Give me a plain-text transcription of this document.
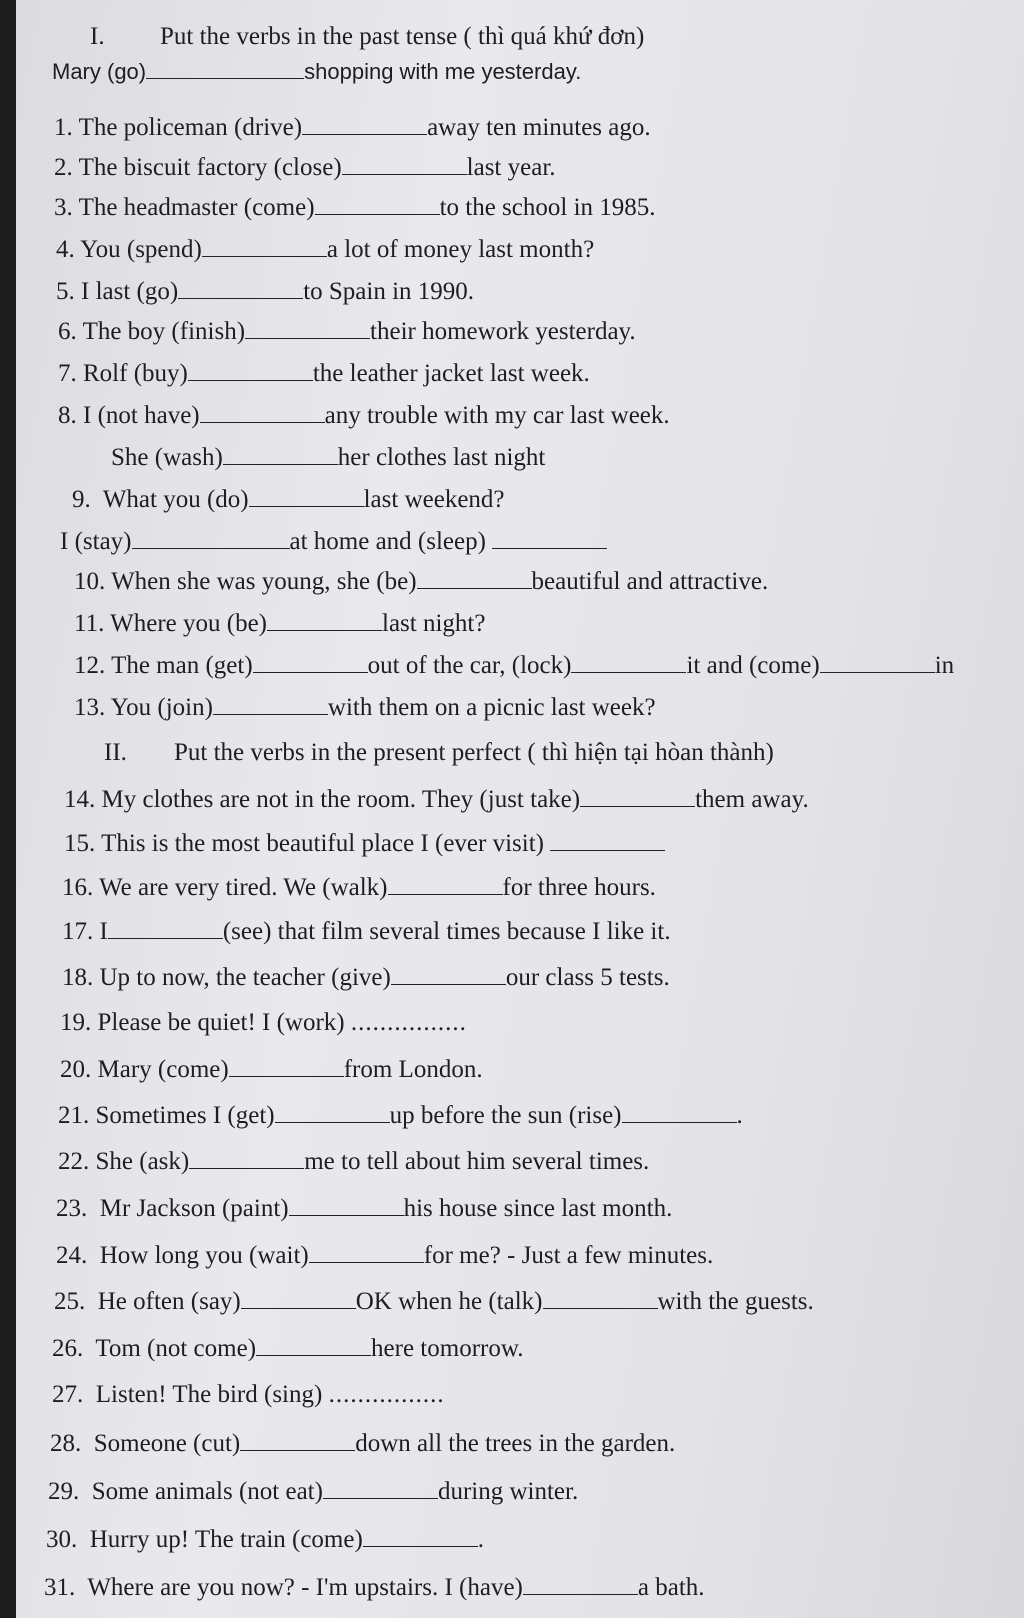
I. Put the verbs in the past tense ( thì quá khứ đơn)
Mary (go)	shopping with me yesterday.
1. The policeman (drive)	away ten minutes ago.
2. The biscuit factory (close)	last year.
3. The headmaster (come)	to the school in 1985.
4. You (spend)	a lot of money last month?
5. I last (go)	to Spain in 1990.
6. The boy (finish)	their homework yesterday.
7. Rolf (buy)	the leather jacket last week.
8. I (not have)	any trouble with my car last week.
She (wash)	her clothes last night
9. What you (do)	last weekend?
I (stay)	at home and (sleep)
10. When she was young, she (be)	beautiful and attractive.
11. Where you (be)	last night?
12. The man (get)	out of the car, (lock)	it and (come)	in
13. You (join)	with them on a picnic last week?
II. Put the verbs in the present perfect ( thì hiện tại hòan thành)
14. My clothes are not in the room. They (just take)	them away.
15. This is the most beautiful place I (ever visit)
16. We are very tired. We (walk)	for three hours.
17. I	(see) that film several times because I like it.
18. Up to now, the teacher (give)	our class 5 tests.
19. Please be quiet! I (work) ................
20. Mary (come)	from London.
21. Sometimes I (get)	up before the sun (rise)	.
22. She (ask)	me to tell about him several times.
23. Mr Jackson (paint)	his house since last month.
24. How long you (wait)	for me? - Just a few minutes.
25. He often (say)	OK when he (talk)	with the guests.
26. Tom (not come)	here tomorrow.
27. Listen! The bird (sing) ................
28. Someone (cut)	down all the trees in the garden.
29. Some animals (not eat)	during winter.
30. Hurry up! The train (come)	.
31. Where are you now? - I'm upstairs. I (have)	a bath.
